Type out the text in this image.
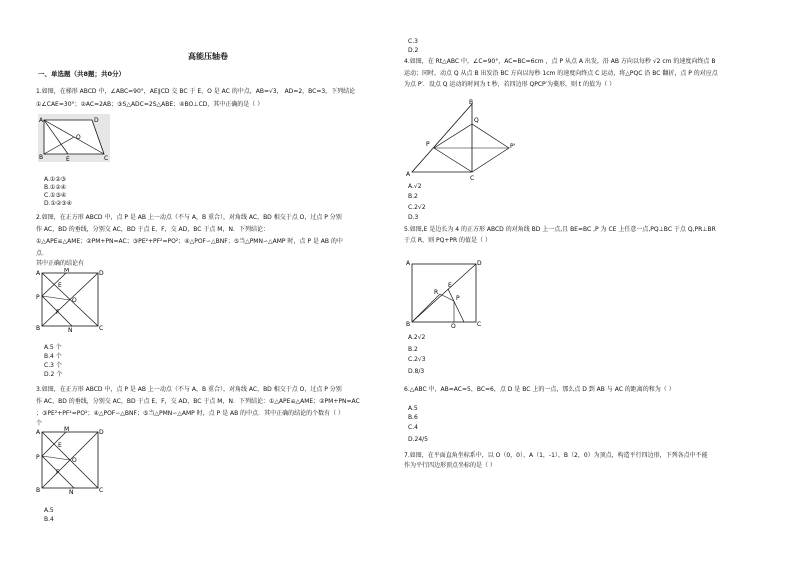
高能压轴卷
一、单选题（共8题；共0分）
1.如图，在梯形 ABCD 中，∠ABC=90°，AE∥CD 交 BC 于 E，O 是 AC 的中点，AB=√3， AD=2，BC=3，下列结论
①∠CAE=30°；②AC=2AB；③S△ADC=2S△ABE；④BO⊥CD，其中正确的是（ ）
A	D
O
B	E	C
A.①②③
B.①②④
C.①③④
D.①②③④
2.如图，在正方形 ABCD 中，点 P 是 AB 上一动点（不与 A，B 重合），对角线 AC，BD 相交于点 O，过点 P 分别
作 AC，BD 的垂线，分别交 AC，BD 于点 E，F，交 AD，BC 于点 M，N．下列结论：
①△APE≌△AME；②PM+PN=AC；③PE²+PF²=PO²；④△POF∽△BNF；⑤当△PMN∽△AMP 时，点 P 是 AB 的中
点．
其中正确的结论有
A	M	D
E
P	O
F
B	N	C
A.5 个
B.4 个
C.3 个
D.2 个
3.如图，在正方形 ABCD 中，点 P 是 AB 上一动点（不与 A，B 重合），对角线 AC，BD 相交于点 O，过点 P 分别
作 AC，BD 的垂线，分别交 AC，BD 于点 E，F，交 AD，BC 于点 M，N．下列结论：①△APE≌△AME；②PM+PN=AC
；③PE²+PF²=PO²；④△POF∽△BNF；⑤当△PMN∽△AMP 时，点 P 是 AB 的中点．其中正确的结论的个数有（ ）
个
A	M	D
E
P	O
F
B	N	C
A.5
B.4
C.3
D.2
4.如图，在 Rt△ABC 中，∠C=90°，AC=BC=6cm ，点 P 从点 A 出发，沿 AB 方向以每秒 √2 cm 的速度向终点 B
运动；同时，动点 Q 从点 B 出发沿 BC 方向以每秒 1cm 的速度向终点 C 运动，将△PQC 沿 BC 翻折，点 P 的对应点
为点 P′．设点 Q 运动的时间为 t 秒，若四边形 QPCP′为菱形，则 t 的值为（ ）
B
Q
P	P'
A
C
A.√2
B.2
C.2√2
D.3
5.如图,E 是边长为 4 的正方形 ABCD 的对角线 BD 上一点,且 BE=BC ,P 为 CE 上任意一点,PQ⊥BC 于点 Q,PR⊥BR
于点 R，则 PQ+PR 的值是（ ）
A	D
E
R
P
B	Q	C
A.2√2
B.2
C.2√3
D.8/3
6.△ABC 中，AB=AC=5，BC=6，点 D 是 BC 上的一点，那么点 D 到 AB 与 AC 的距离的和为（ ）
A.5
B.6
C.4
D.24/5
7.如图，在平面直角坐标系中，以 O（0，0）、A（1，-1）、B（2，0）为顶点，构造平行四边形，下列各点中不能
作为平行四边形顶点坐标的是（ ）
